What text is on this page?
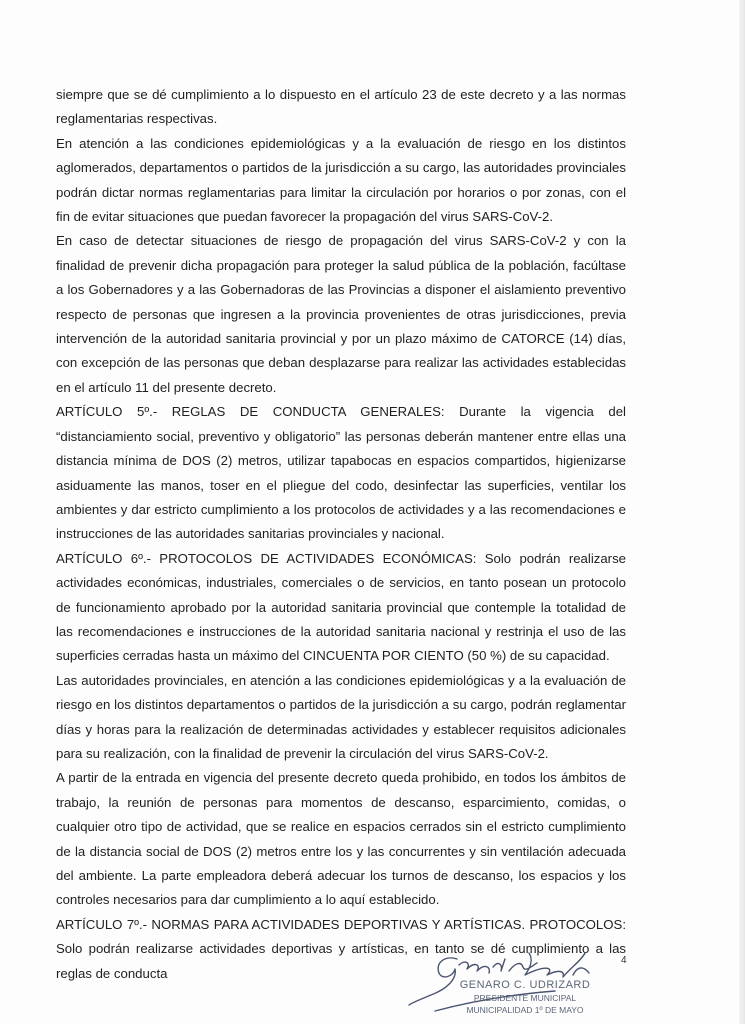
siempre que se dé cumplimiento a lo dispuesto en el artículo 23 de este decreto y a las normas reglamentarias respectivas.

En atención a las condiciones epidemiológicas y a la evaluación de riesgo en los distintos aglomerados, departamentos o partidos de la jurisdicción a su cargo, las autoridades provinciales podrán dictar normas reglamentarias para limitar la circulación por horarios o por zonas, con el fin de evitar situaciones que puedan favorecer la propagación del virus SARS-CoV-2.

En caso de detectar situaciones de riesgo de propagación del virus SARS-CoV-2 y con la finalidad de prevenir dicha propagación para proteger la salud pública de la población, facúltase a los Gobernadores y a las Gobernadoras de las Provincias a disponer el aislamiento preventivo respecto de personas que ingresen a la provincia provenientes de otras jurisdicciones, previa intervención de la autoridad sanitaria provincial y por un plazo máximo de CATORCE (14) días, con excepción de las personas que deban desplazarse para realizar las actividades establecidas en el artículo 11 del presente decreto.

ARTÍCULO 5º.- REGLAS DE CONDUCTA GENERALES: Durante la vigencia del “distanciamiento social, preventivo y obligatorio” las personas deberán mantener entre ellas una distancia mínima de DOS (2) metros, utilizar tapabocas en espacios compartidos, higienizarse asiduamente las manos, toser en el pliegue del codo, desinfectar las superficies, ventilar los ambientes y dar estricto cumplimiento a los protocolos de actividades y a las recomendaciones e instrucciones de las autoridades sanitarias provinciales y nacional.

ARTÍCULO 6º.- PROTOCOLOS DE ACTIVIDADES ECONÓMICAS: Solo podrán realizarse actividades económicas, industriales, comerciales o de servicios, en tanto posean un protocolo de funcionamiento aprobado por la autoridad sanitaria provincial que contemple la totalidad de las recomendaciones e instrucciones de la autoridad sanitaria nacional y restrinja el uso de las superficies cerradas hasta un máximo del CINCUENTA POR CIENTO (50 %) de su capacidad.

Las autoridades provinciales, en atención a las condiciones epidemiológicas y a la evaluación de riesgo en los distintos departamentos o partidos de la jurisdicción a su cargo, podrán reglamentar días y horas para la realización de determinadas actividades y establecer requisitos adicionales para su realización, con la finalidad de prevenir la circulación del virus SARS-CoV-2.

A partir de la entrada en vigencia del presente decreto queda prohibido, en todos los ámbitos de trabajo, la reunión de personas para momentos de descanso, esparcimiento, comidas, o cualquier otro tipo de actividad, que se realice en espacios cerrados sin el estricto cumplimiento de la distancia social de DOS (2) metros entre los y las concurrentes y sin ventilación adecuada del ambiente. La parte empleadora deberá adecuar los turnos de descanso, los espacios y los controles necesarios para dar cumplimiento a lo aquí establecido.

ARTÍCULO 7º.- NORMAS PARA ACTIVIDADES DEPORTIVAS Y ARTÍSTICAS. PROTOCOLOS: Solo podrán realizarse actividades deportivas y artísticas, en tanto se dé cumplimiento a las reglas de conducta

4
GENARO C. UDRIZARD
PRESIDENTE MUNICIPAL
MUNICIPALIDAD 1º DE MAYO
